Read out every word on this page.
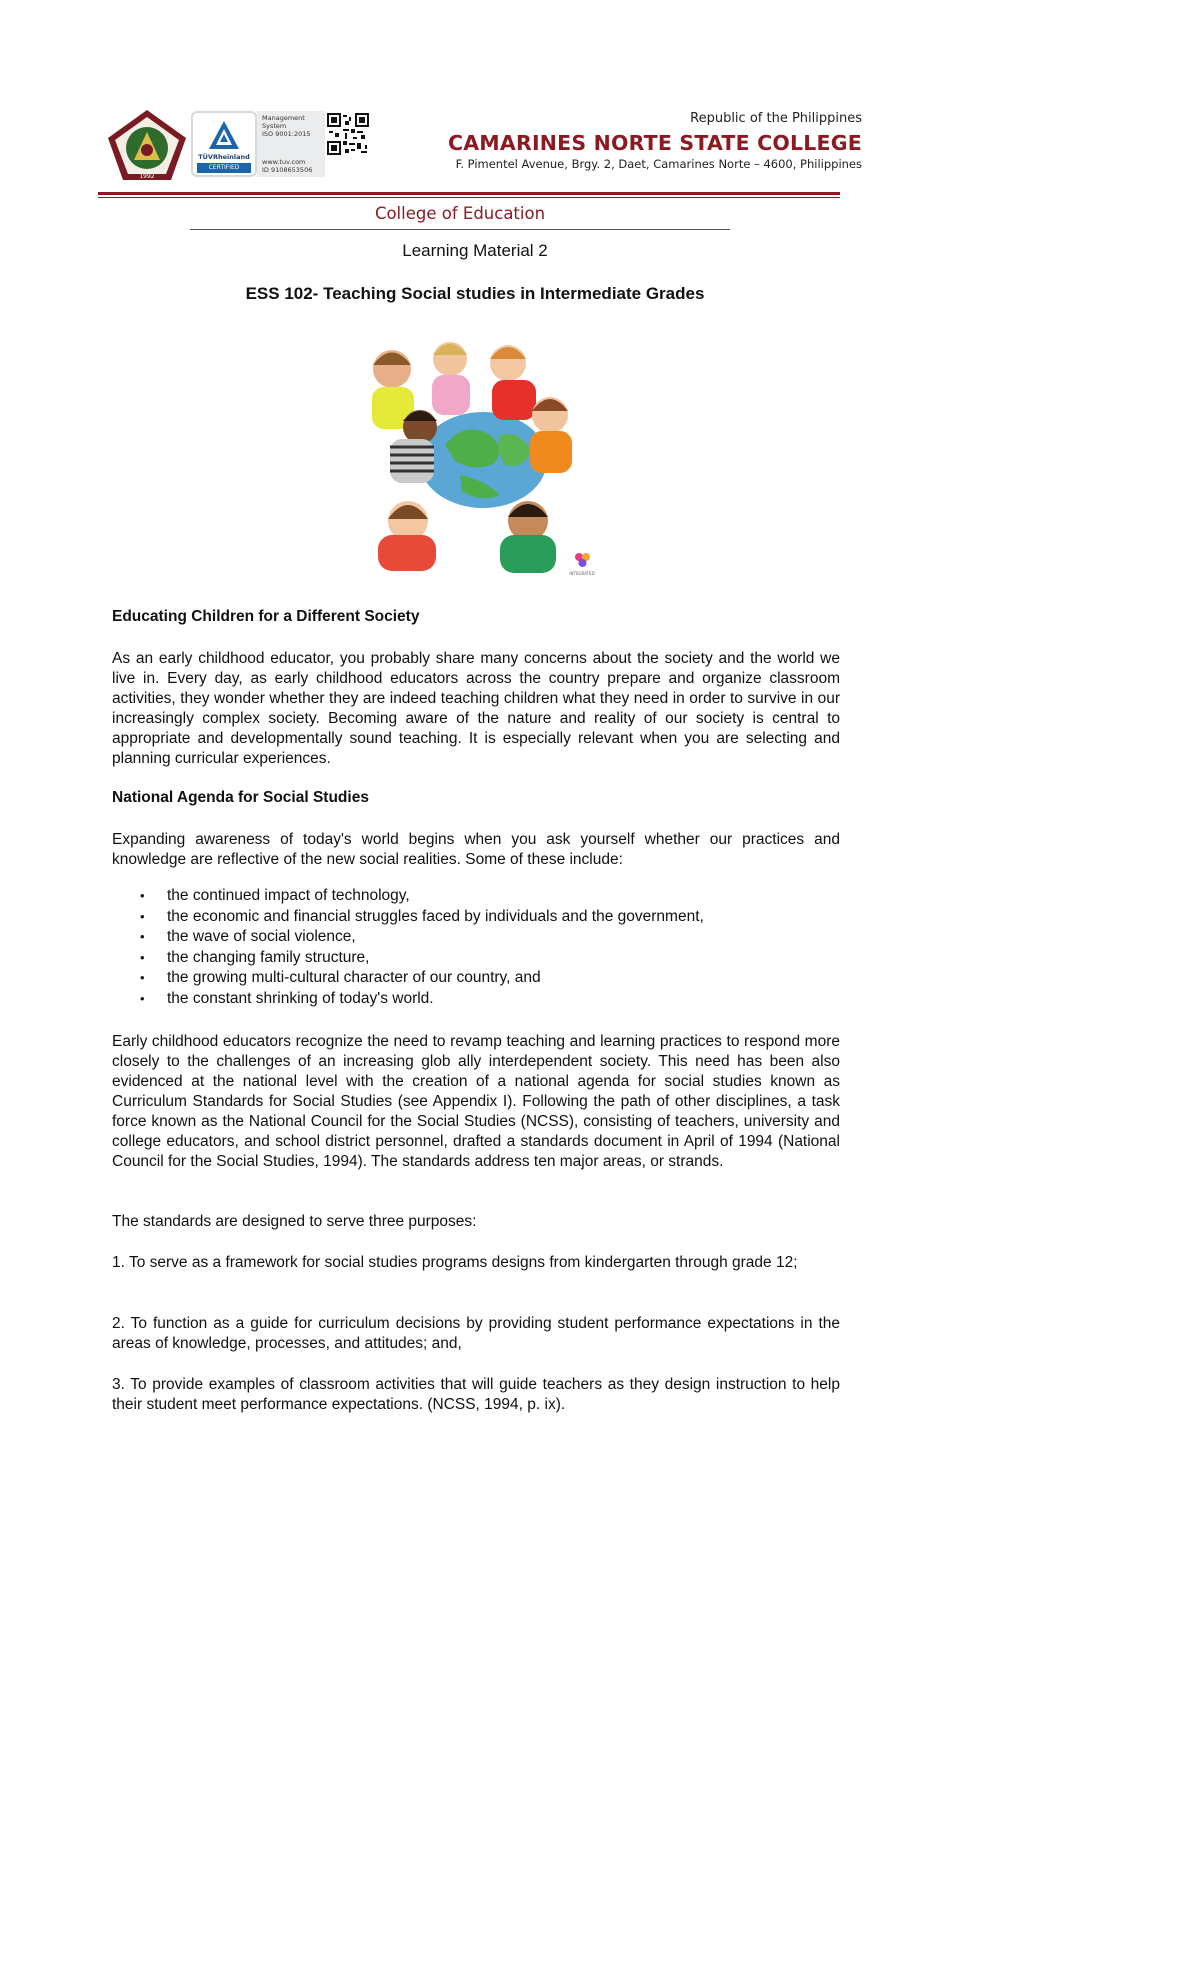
1992
TÜVRheinland
CERTIFIED
Management
System
ISO 9001:2015
www.tuv.com
ID 9108653506
Republic of the Philippines
CAMARINES NORTE STATE COLLEGE
F. Pimentel Avenue, Brgy. 2, Daet, Camarines Norte – 4600, Philippines
College of Education
Learning Material 2
ESS 102- Teaching Social studies in Intermediate Grades
INTEGRATED
Educating Children for a Different Society

As an early childhood educator, you probably share many concerns about the society and the world we live in. Every day, as early childhood educators across the country prepare and organize classroom activities, they wonder whether they are indeed teaching children what they need in order to survive in our increasingly complex society. Becoming aware of the nature and reality of our society is central to appropriate and developmentally sound teaching. It is especially relevant when you are selecting and planning curricular experiences.

National Agenda for Social Studies

Expanding awareness of today's world begins when you ask yourself whether our practices and knowledge are reflective of the new social realities. Some of these include:

• the continued impact of technology,
• the economic and financial struggles faced by individuals and the government,
• the wave of social violence,
• the changing family structure,
• the growing multi-cultural character of our country, and
• the constant shrinking of today's world.

Early childhood educators recognize the need to revamp teaching and learning practices to respond more closely to the challenges of an increasing glob ally interdependent society. This need has been also evidenced at the national level with the creation of a national agenda for social studies known as Curriculum Standards for Social Studies (see Appendix I). Following the path of other disciplines, a task force known as the National Council for the Social Studies (NCSS), consisting of teachers, university and college educators, and school district personnel, drafted a standards document in April of 1994 (National Council for the Social Studies, 1994). The standards address ten major areas, or strands.

The standards are designed to serve three purposes:

1. To serve as a framework for social studies programs designs from kindergarten through grade 12;

2. To function as a guide for curriculum decisions by providing student performance expectations in the areas of knowledge, processes, and attitudes; and,

3. To provide examples of classroom activities that will guide teachers as they design instruction to help their student meet performance expectations. (NCSS, 1994, p. ix).
